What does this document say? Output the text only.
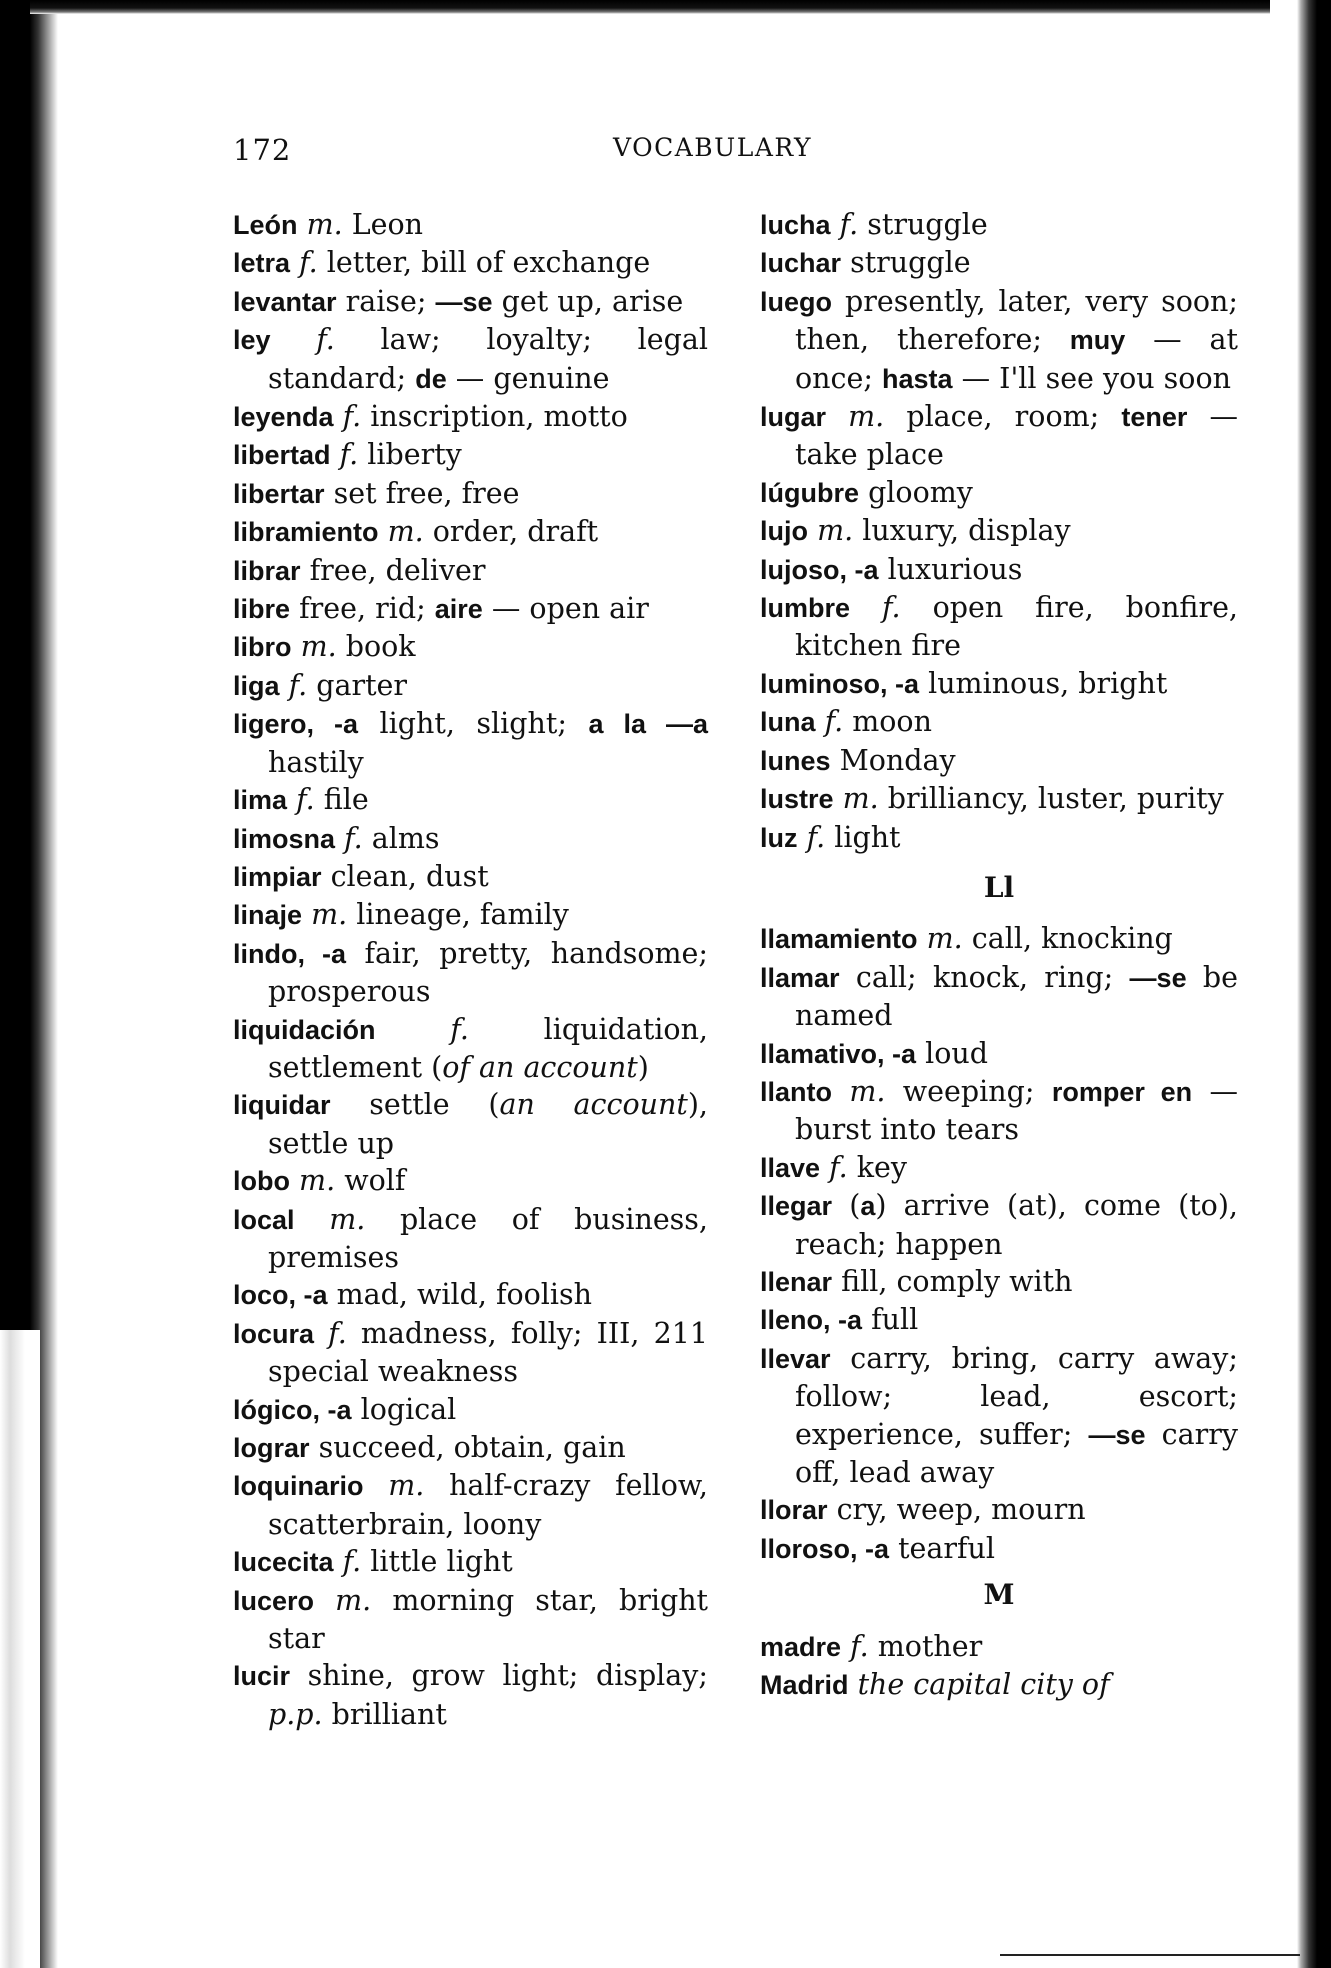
172	VOCABULARY
León m. Leon
letra f. letter, bill of exchange
levantar raise; —se get up, arise
ley f. law; loyalty; legal standard; de — genuine
leyenda f. inscription, motto
libertad f. liberty
libertar set free, free
libramiento m. order, draft
librar free, deliver
libre free, rid; aire — open air
libro m. book
liga f. garter
ligero, -a light, slight; a la —a hastily
lima f. file
limosna f. alms
limpiar clean, dust
linaje m. lineage, family
lindo, -a fair, pretty, handsome; prosperous
liquidación	f.	liquidation, settlement (of an account)
liquidar settle (an account), settle up
lobo m. wolf
local m. place of business, premises
loco, -a mad, wild, foolish
locura f. madness, folly; III, 211 special weakness
lógico, -a logical
lograr succeed, obtain, gain
loquinario m. half-crazy fellow, scatterbrain, loony
lucecita f. little light
lucero m. morning star, bright star
lucir shine, grow light; display; p.p. brilliant
lucha f. struggle
luchar struggle
luego presently, later, very soon; then, therefore; muy — at once; hasta — I'll see you soon
lugar m. place, room; tener — take place
lúgubre gloomy
lujo m. luxury, display
lujoso, -a luxurious
lumbre f. open fire, bonfire, kitchen fire
luminoso, -a luminous, bright
luna f. moon
lunes Monday
lustre m. brilliancy, luster, purity
luz f. light
Ll
llamamiento m. call, knocking
llamar call; knock, ring; —se be named
llamativo, -a loud
llanto m. weeping; romper en — burst into tears
llave f. key
llegar (a) arrive (at), come (to), reach; happen
llenar fill, comply with
lleno, -a full
llevar carry, bring, carry away; follow; lead, escort; experience, suffer; —se carry off, lead away
llorar cry, weep, mourn
lloroso, -a tearful
M
madre f. mother
Madrid the capital city of
